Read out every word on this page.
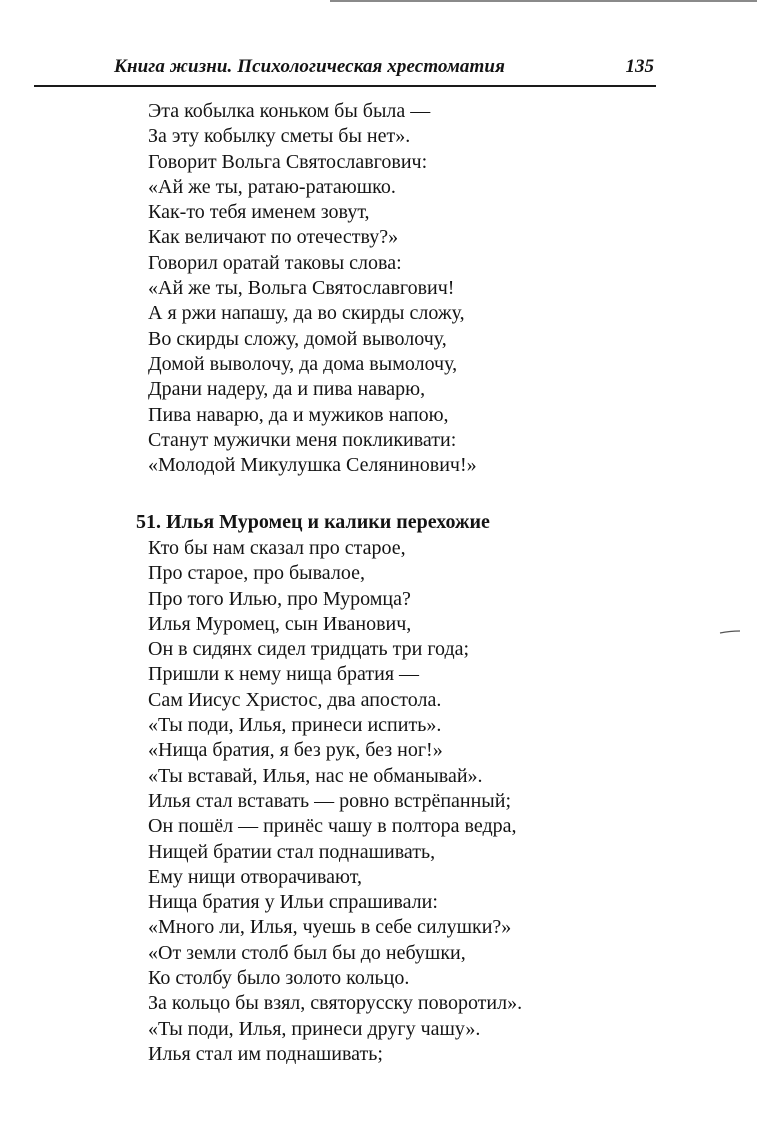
Книга жизни. Психологическая хрестоматия	135
Эта кобылка коньком бы была —
За эту кобылку сметы бы нет».
Говорит Вольга Святославгович:
«Ай же ты, ратаю-ратаюшко.
Как-то тебя именем зовут,
Как величают по отечеству?»
Говорил оратай таковы слова:
«Ай же ты, Вольга Святославгович!
А я ржи напашу, да во скирды сложу,
Во скирды сложу, домой выволочу,
Домой выволочу, да дома вымолочу,
Драни надеру, да и пива наварю,
Пива наварю, да и мужиков напою,
Станут мужички меня покликивати:
«Молодой Микулушка Селянинович!»
51. Илья Муромец и калики перехожие
Кто бы нам сказал про старое,
Про старое, про бывалое,
Про того Илью, про Муромца?
Илья Муромец, сын Иванович,
Он в сидянх сидел тридцать три года;
Пришли к нему нища братия —
Сам Иисус Христос, два апостола.
«Ты поди, Илья, принеси испить».
«Нища братия, я без рук, без ног!»
«Ты вставай, Илья, нас не обманывай».
Илья стал вставать — ровно встрёпанный;
Он пошёл — принёс чашу в полтора ведра,
Нищей братии стал поднашивать,
Ему нищи отворачивают,
Нища братия у Ильи спрашивали:
«Много ли, Илья, чуешь в себе силушки?»
«От земли столб был бы до небушки,
Ко столбу было золото кольцо.
За кольцо бы взял, святорусску поворотил».
«Ты поди, Илья, принеси другу чашу».
Илья стал им поднашивать;
